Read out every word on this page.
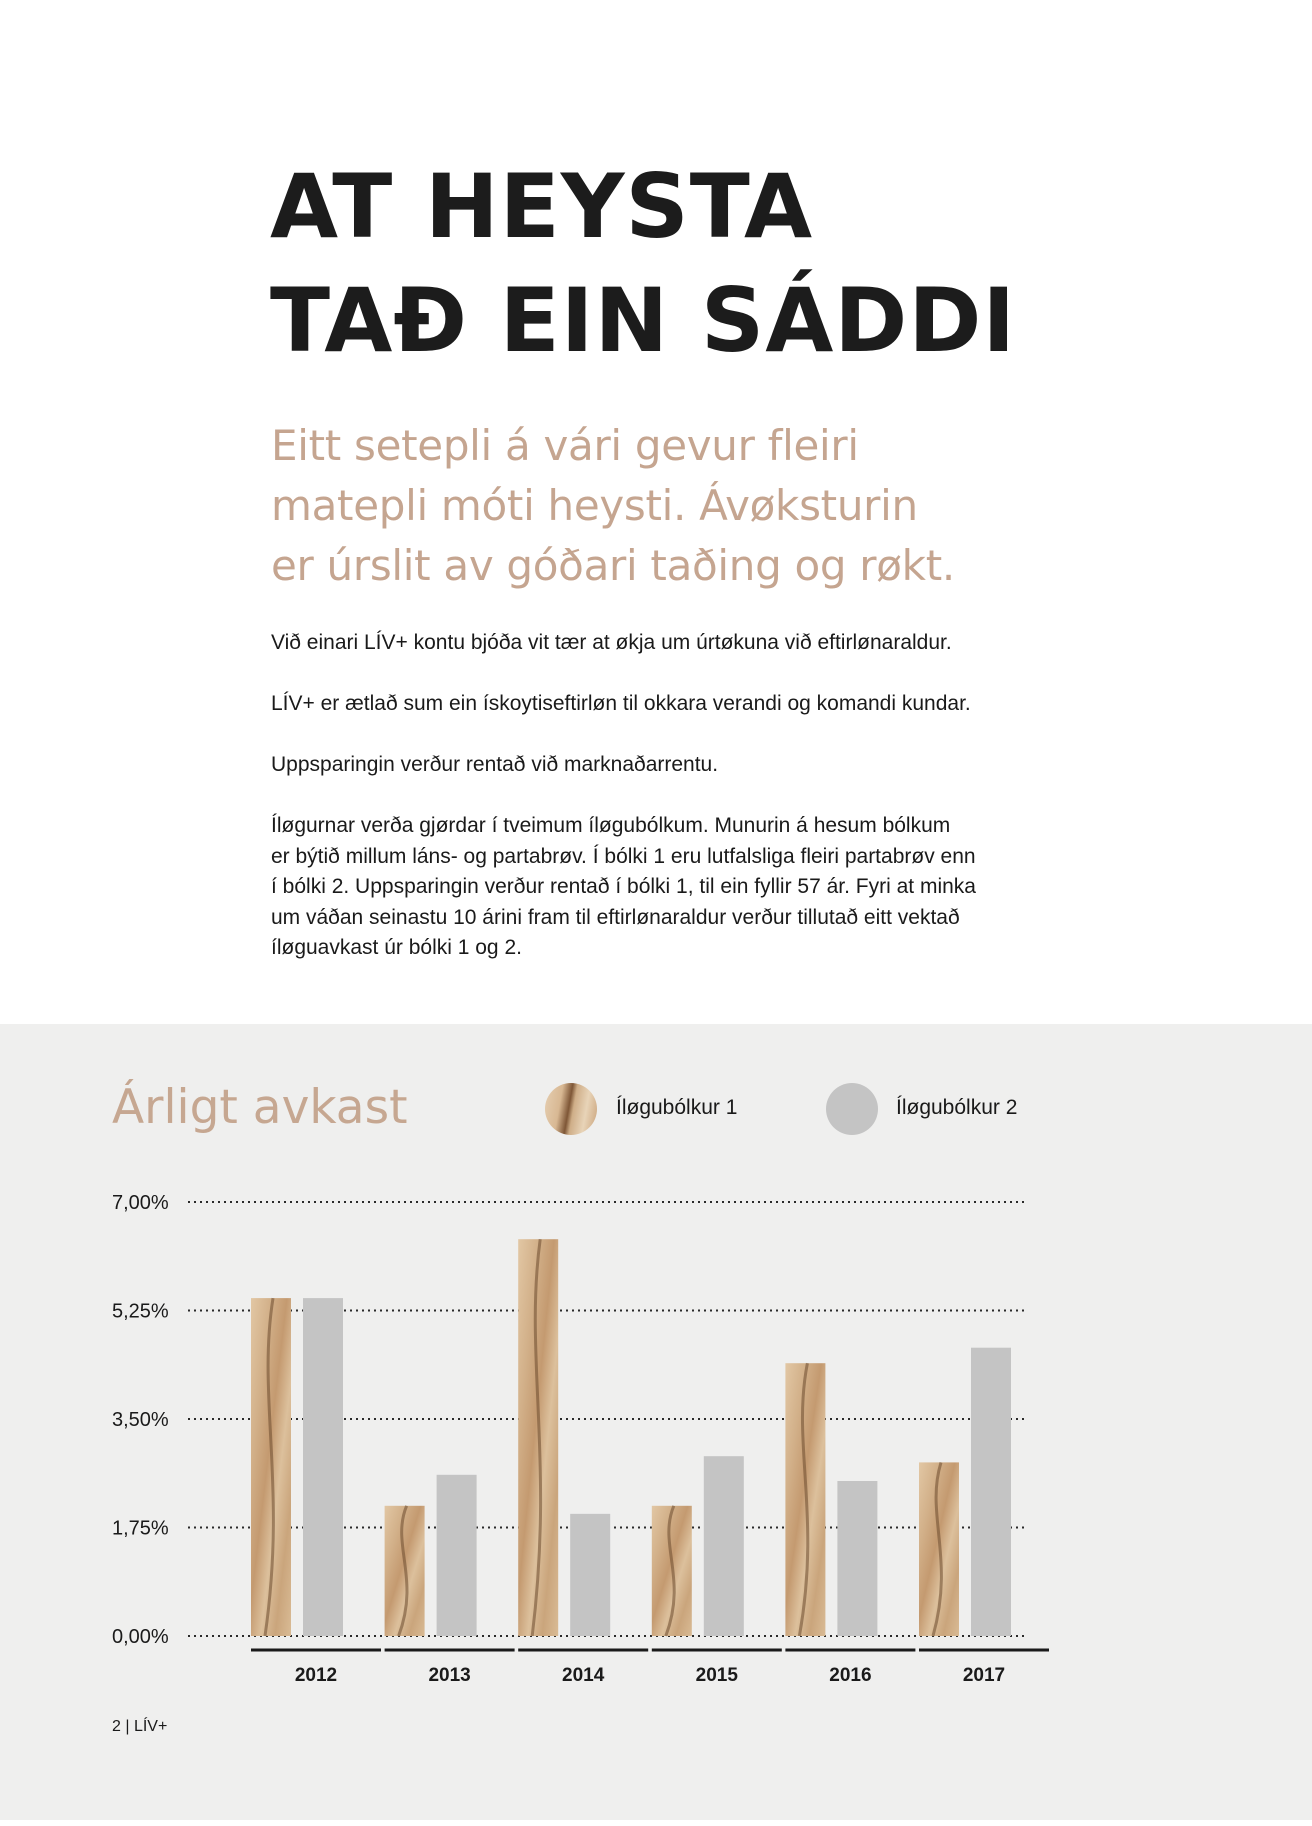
AT HEYSTA
TAÐ EIN SÁDDI

Eitt setepli á vári gevur fleiri
matepli móti heysti. Ávøksturin
er úrslit av góðari taðing og røkt.

Við einari LÍV+ kontu bjóða vit tær at økja um úrtøkuna við eftirlønaraldur.

LÍV+ er ætlað sum ein ískoytiseftirløn til okkara verandi og komandi kundar.

Uppsparingin verður rentað við marknaðarrentu.

Íløgurnar verða gjørdar í tveimum íløgubólkum. Munurin á hesum bólkum
er býtið millum láns- og partabrøv. Í bólki 1 eru lutfalsliga fleiri partabrøv enn
í bólki 2. Uppsparingin verður rentað í bólki 1, til ein fyllir 57 ár. Fyri at minka
um váðan seinastu 10 árini fram til eftirlønaraldur verður tillutað eitt vektað
íløguavkast úr bólki 1 og 2.

Árligt avkast	Íløgubólkur 1	Íløgubólkur 2
0,00%
1,75%
3,50%
5,25%
7,00%
2012	2013	2014	2015	2016	2017
2 | LÍV+
